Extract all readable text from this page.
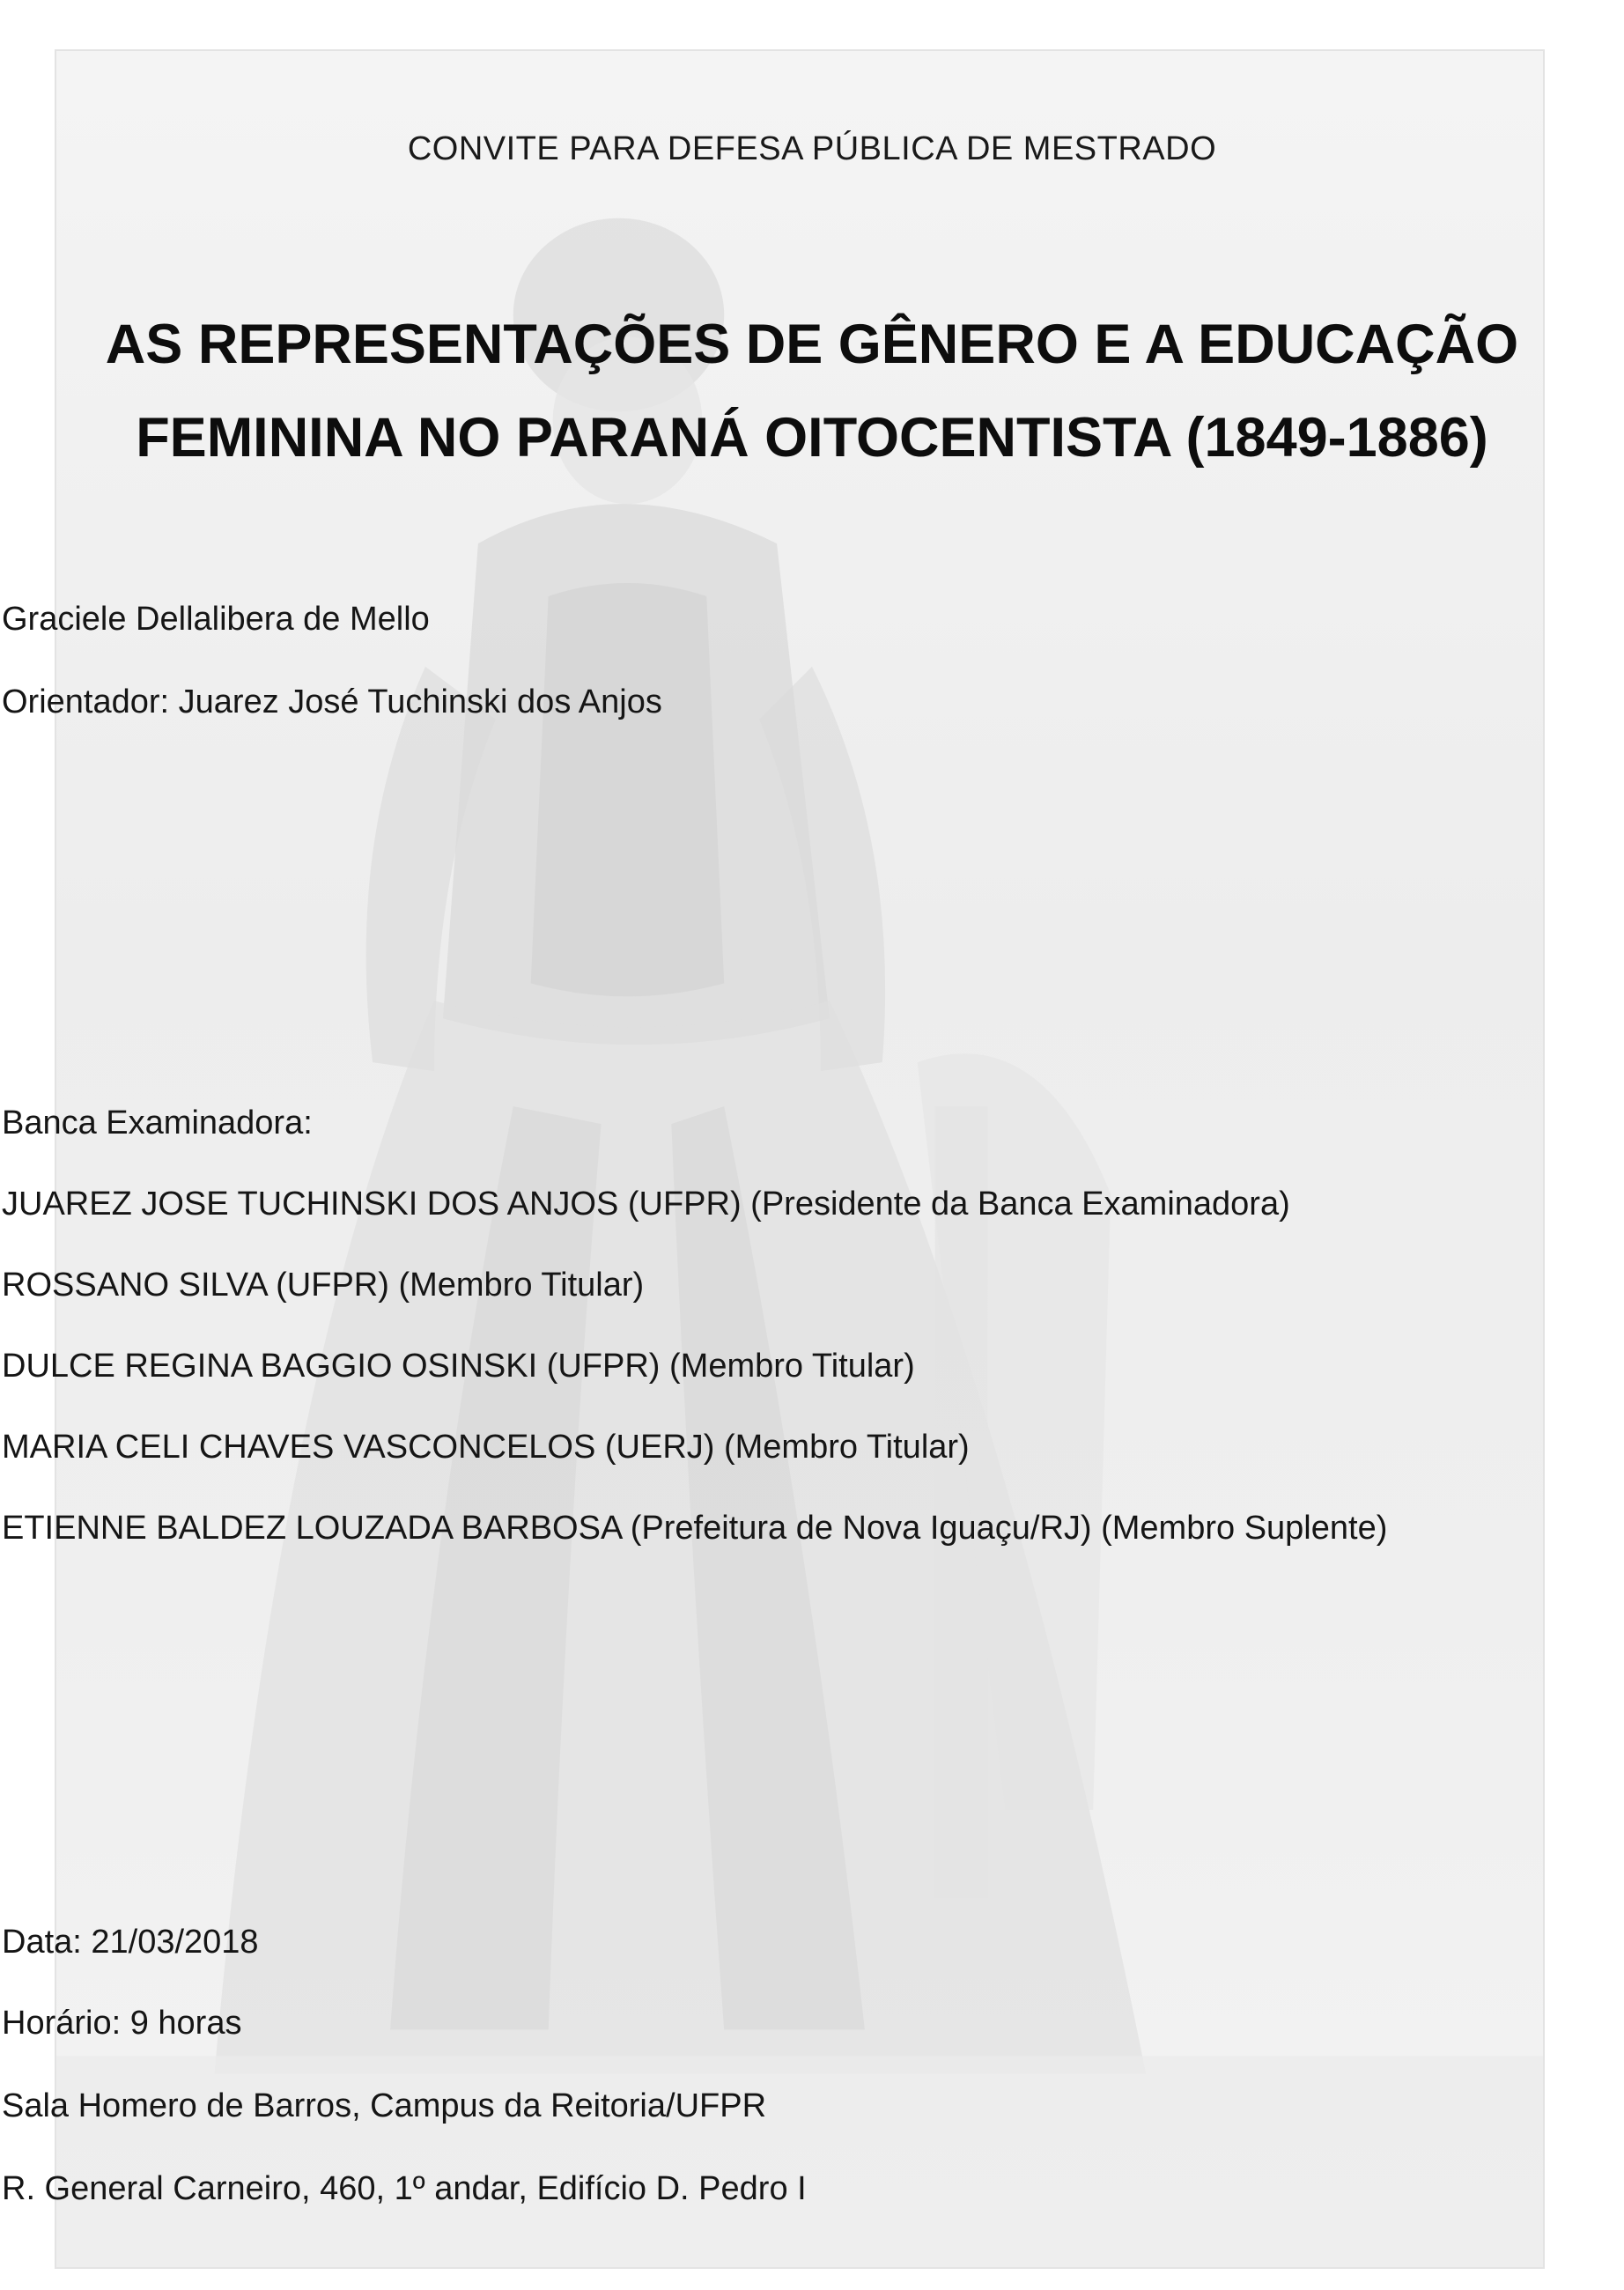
CONVITE PARA DEFESA PÚBLICA DE MESTRADO
AS REPRESENTAÇÕES DE GÊNERO E A EDUCAÇÃO
FEMININA NO PARANÁ OITOCENTISTA (1849-1886)
Graciele Dellalibera de Mello
Orientador: Juarez José Tuchinski dos Anjos
Banca Examinadora:
JUAREZ JOSE TUCHINSKI DOS ANJOS (UFPR) (Presidente da Banca Examinadora)
ROSSANO SILVA (UFPR) (Membro Titular)
DULCE REGINA BAGGIO OSINSKI (UFPR) (Membro Titular)
MARIA CELI CHAVES VASCONCELOS (UERJ) (Membro Titular)
ETIENNE BALDEZ LOUZADA BARBOSA (Prefeitura de Nova Iguaçu/RJ) (Membro Suplente)
Data: 21/03/2018
Horário: 9 horas
Sala Homero de Barros, Campus da Reitoria/UFPR
R. General Carneiro, 460, 1º andar, Edifício D. Pedro I
